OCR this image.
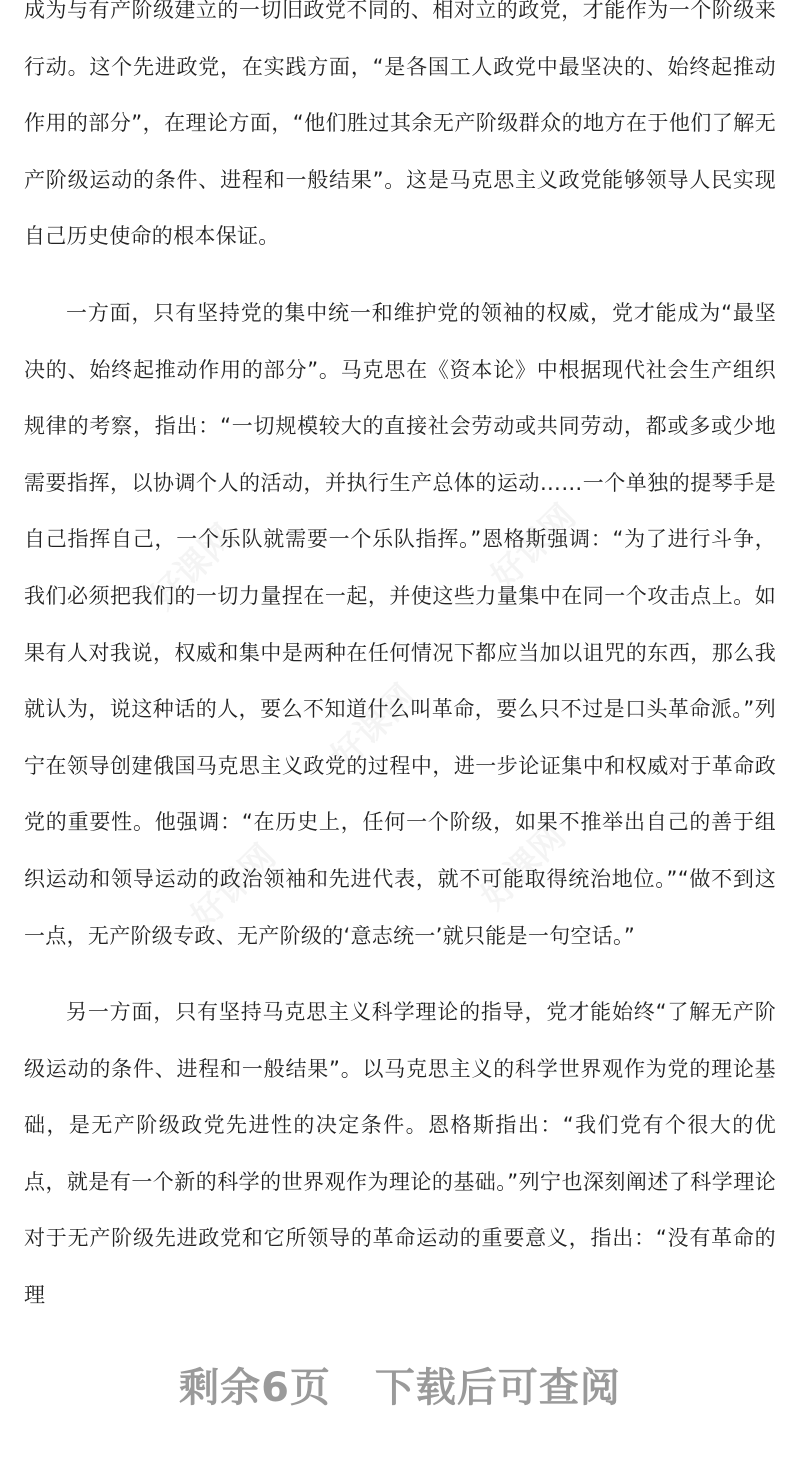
好课网	好课网
好课网
好课网	好课网

成为与有产阶级建立的一切旧政党不同的、相对立的政党，才能作为一个阶级来行动。这个先进政党，在实践方面，“是各国工人政党中最坚决的、始终起推动作用的部分”，在理论方面，“他们胜过其余无产阶级群众的地方在于他们了解无产阶级运动的条件、进程和一般结果”。这是马克思主义政党能够领导人民实现自己历史使命的根本保证。

一方面，只有坚持党的集中统一和维护党的领袖的权威，党才能成为“最坚决的、始终起推动作用的部分”。马克思在《资本论》中根据现代社会生产组织规律的考察，指出：“一切规模较大的直接社会劳动或共同劳动，都或多或少地需要指挥，以协调个人的活动，并执行生产总体的运动……一个单独的提琴手是自己指挥自己，一个乐队就需要一个乐队指挥。”恩格斯强调：“为了进行斗争，我们必须把我们的一切力量捏在一起，并使这些力量集中在同一个攻击点上。如果有人对我说，权威和集中是两种在任何情况下都应当加以诅咒的东西，那么我就认为，说这种话的人，要么不知道什么叫革命，要么只不过是口头革命派。”列宁在领导创建俄国马克思主义政党的过程中，进一步论证集中和权威对于革命政党的重要性。他强调：“在历史上，任何一个阶级，如果不推举出自己的善于组织运动和领导运动的政治领袖和先进代表，就不可能取得统治地位。”“做不到这一点，无产阶级专政、无产阶级的‘意志统一’就只能是一句空话。”

另一方面，只有坚持马克思主义科学理论的指导，党才能始终“了解无产阶级运动的条件、进程和一般结果”。以马克思主义的科学世界观作为党的理论基础，是无产阶级政党先进性的决定条件。恩格斯指出：“我们党有个很大的优点，就是有一个新的科学的世界观作为理论的基础。”列宁也深刻阐述了科学理论对于无产阶级先进政党和它所领导的革命运动的重要意义，指出：“没有革命的理

剩余6页 下载后可查阅
